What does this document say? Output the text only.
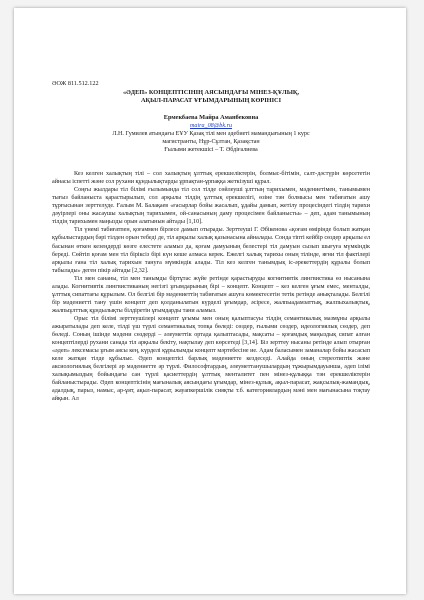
ӘОЖ 811.512.122

«ӘДЕП» КОНЦЕПТІСІНІҢ АЯСЫНДАҒЫ МІНЕЗ-ҚҰЛЫҚ,

АҚЫЛ-ПАРАСАТ ҰҒЫМДАРЫНЫҢ КӨРІНІСІ

Ермекбаева Майра Аманбековна

maira_08@bk.ru

Л.Н. Гумилев атындағы ЕҰУ Қазақ тілі мен әдебиеті мамандығының 1 курс

магистранты, Нұр-Сұлтан, Қазақстан

Ғылыми жетекшісі – Т. Әбдіғалиева

Кез келген халықтың тілі – сол халықтың ұлттық ерекшеліктерін, болмыс-бітімін, салт-дәстүрін көрсететін айнасы іспетті және сол рухани құндылықтарды ұрпақтан-ұрпаққа жеткізуші құрал.

Соңғы жылдары тіл білімі ғылымында тіл сол тілде сөйлеуші ұлттың тарихымен, мәдениетімен, танымымен тығыз байланыста қарастырылып, сол арқылы тілдің ұлттық ерекшелігі, өзіне тән болмысы мен табиғатын ашу тұрғысынан зерттелуде. Ғалым М. Балақаев «ғасырлар бойы жасалып, ұдайы дамып, жетілу процесіндегі тілдің тарихи дәуірлері оны жасаушы халықтың тарихымен, ой-санасының даму процесімен байланысты» – деп, адам танымының тілдің тарихымен маңызды орын алатынын айтады [1,10].

Тіл үнемі табиғатпен, қоғаммен бірлесе дамып отырады. Зерттеуші Г. Әбікенова «қоғам өмірінде болып жатқан құбылыстардың бәрі тілден орын тебеді де, тіл арқылы халық қазынасына айналады. Сонда тіпті кейбір сөздер арқылы ел басынан өткен кезеңдерді көзге елестете аламыз да, қоғам дамуының белестері тіл дамуын сызып шығуға мүмкіндік береді. Сөйтіп қоғам мен тіл біріксіз бірі күн кеше алмаса керек. Ежелгі халық тарихы оның тілінде, яғни тіл фактілері арқылы ғана тіл халық тарихын тануға мүмкіндік алады. Тіл кез келген танымдық іс-әрекеттердің құралы болып табылады» деген пікір айтады [2,32].

Тіл мен сананы, тіл мен танымды біртұтас жүйе ретінде қарастыруды когнитивтік лингвистика өз нысанына алады. Когнитивтік лингвистиканың негізгі ұғымдарының бірі – концепт. Концепт – кез келген ұғым емес, менталды, ұлттық сипаттағы құрылым. Ол белгілі бір мәдениеттің табиғатын ашуға көмектесетін тетік ретінде анықталады. Белгілі бір мәдениетті тану үшін концепт деп қолданылатын күрделі ұғымдар, әсіресе, жалпыадамзаттық, жалпыхалықтық, жалпыұлттық құндылықты білдіретін ұғымдарды тани аламыз.

Орыс тіл білімі зерттеушілері концепт ұғымы мен оның қалыптасуы тілдің семантикалық мазмұны арқылы ажыратылады деп келе, тілді үш түрлі семантикалық топқа бөледі: сөздер, ғылыми сөздер, идеологиялық сөздер, деп бөледі. Соның ішінде мәдени сөздерді – әлеуметтік ортада қалыптасады, мақсаты – қоғамдық маңыздық сипат алған концептілерді рухани санада тіл арқылы бекіту, нақтылау деп көрсетеді [3,14]. Біз зерттеу нысаны ретінде алып отырған «әдеп» лексемасы ұғым аясы кең, күрделі құрылымды концепт мәртебесіне ие. Адам баласымен заманалар бойы жасасып келе жатқан тілде құбылыс. Әдеп концептісі барлық мәдениетте кездеседі. Алайда оның стереотиптік және аксиологиялық белгілері әр мәдениетте әр түрлі. Философтардың, әлеуметтанушылардың тұжырымдауынша, әдеп ілімі халықымыздың бойындағы сан түрлі қасиеттердің ұлттық менталитет пен мінез-құлыққа тән ерекшеліктерін байланыстырады. Әдеп концептісінің мағыналық аясындағы ұғымдар, мінез-құлық, ақыл-парасат, жақсылық-жамандық, адалдық, парыз, намыс, ар-ұят, ақыл-парасат, жауапкершілік сияқты т.б. категориялардың мәні мен мағынасына тоқтау айқын. Ал
